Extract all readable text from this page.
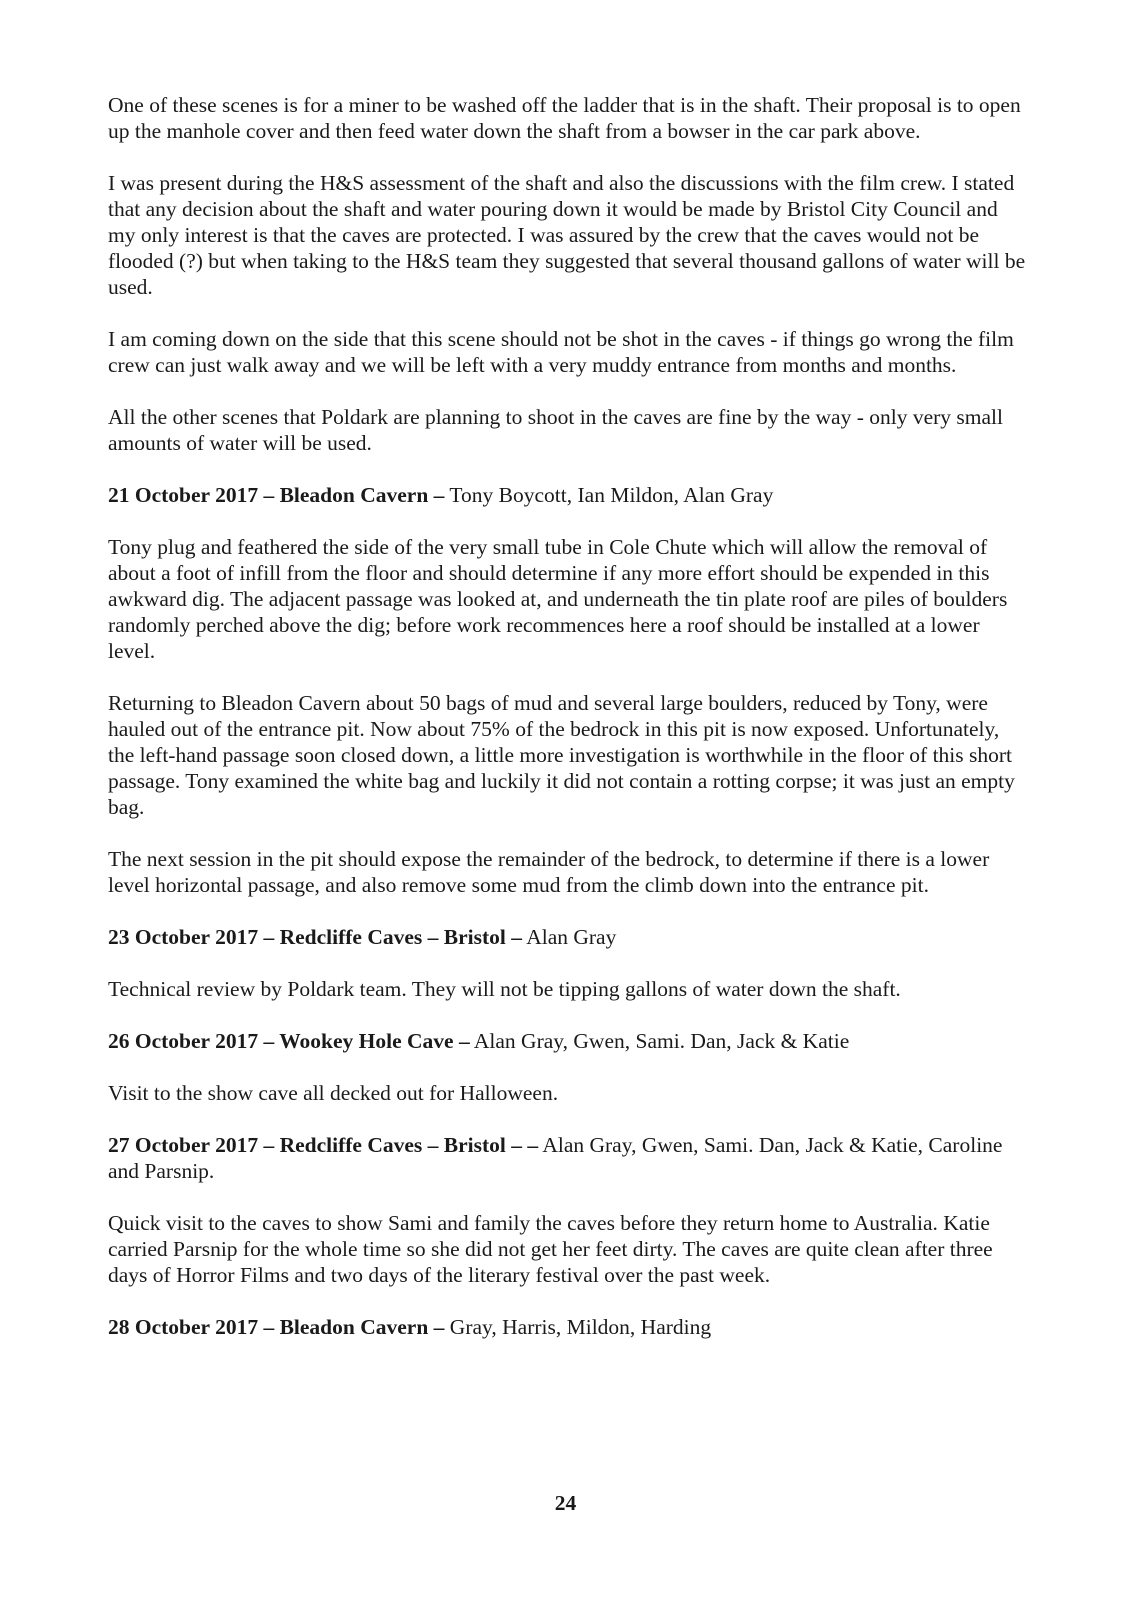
One of these scenes is for a miner to be washed off the ladder that is in the shaft. Their proposal is to open up the manhole cover and then feed water down the shaft from a bowser in the car park above.

I was present during the H&S assessment of the shaft and also the discussions with the film crew. I stated that any decision about the shaft and water pouring down it would be made by Bristol City Council and my only interest is that the caves are protected. I was assured by the crew that the caves would not be flooded (?) but when taking to the H&S team they suggested that several thousand gallons of water will be used.

I am coming down on the side that this scene should not be shot in the caves - if things go wrong the film crew can just walk away and we will be left with a very muddy entrance from months and months.

All the other scenes that Poldark are planning to shoot in the caves are fine by the way - only very small amounts of water will be used.

21 October 2017 – Bleadon Cavern – Tony Boycott, Ian Mildon, Alan Gray

Tony plug and feathered the side of the very small tube in Cole Chute which will allow the removal of about a foot of infill from the floor and should determine if any more effort should be expended in this awkward dig. The adjacent passage was looked at, and underneath the tin plate roof are piles of boulders randomly perched above the dig; before work recommences here a roof should be installed at a lower level.

Returning to Bleadon Cavern about 50 bags of mud and several large boulders, reduced by Tony, were hauled out of the entrance pit. Now about 75% of the bedrock in this pit is now exposed. Unfortunately, the left-hand passage soon closed down, a little more investigation is worthwhile in the floor of this short passage. Tony examined the white bag and luckily it did not contain a rotting corpse; it was just an empty bag.

The next session in the pit should expose the remainder of the bedrock, to determine if there is a lower level horizontal passage, and also remove some mud from the climb down into the entrance pit.

23 October 2017 – Redcliffe Caves – Bristol – Alan Gray

Technical review by Poldark team. They will not be tipping gallons of water down the shaft.

26 October 2017 – Wookey Hole Cave – Alan Gray, Gwen, Sami. Dan, Jack & Katie

Visit to the show cave all decked out for Halloween.

27 October 2017 – Redcliffe Caves – Bristol – – Alan Gray, Gwen, Sami. Dan, Jack & Katie, Caroline and Parsnip.

Quick visit to the caves to show Sami and family the caves before they return home to Australia. Katie carried Parsnip for the whole time so she did not get her feet dirty. The caves are quite clean after three days of Horror Films and two days of the literary festival over the past week.

28 October 2017 – Bleadon Cavern – Gray, Harris, Mildon, Harding

24
